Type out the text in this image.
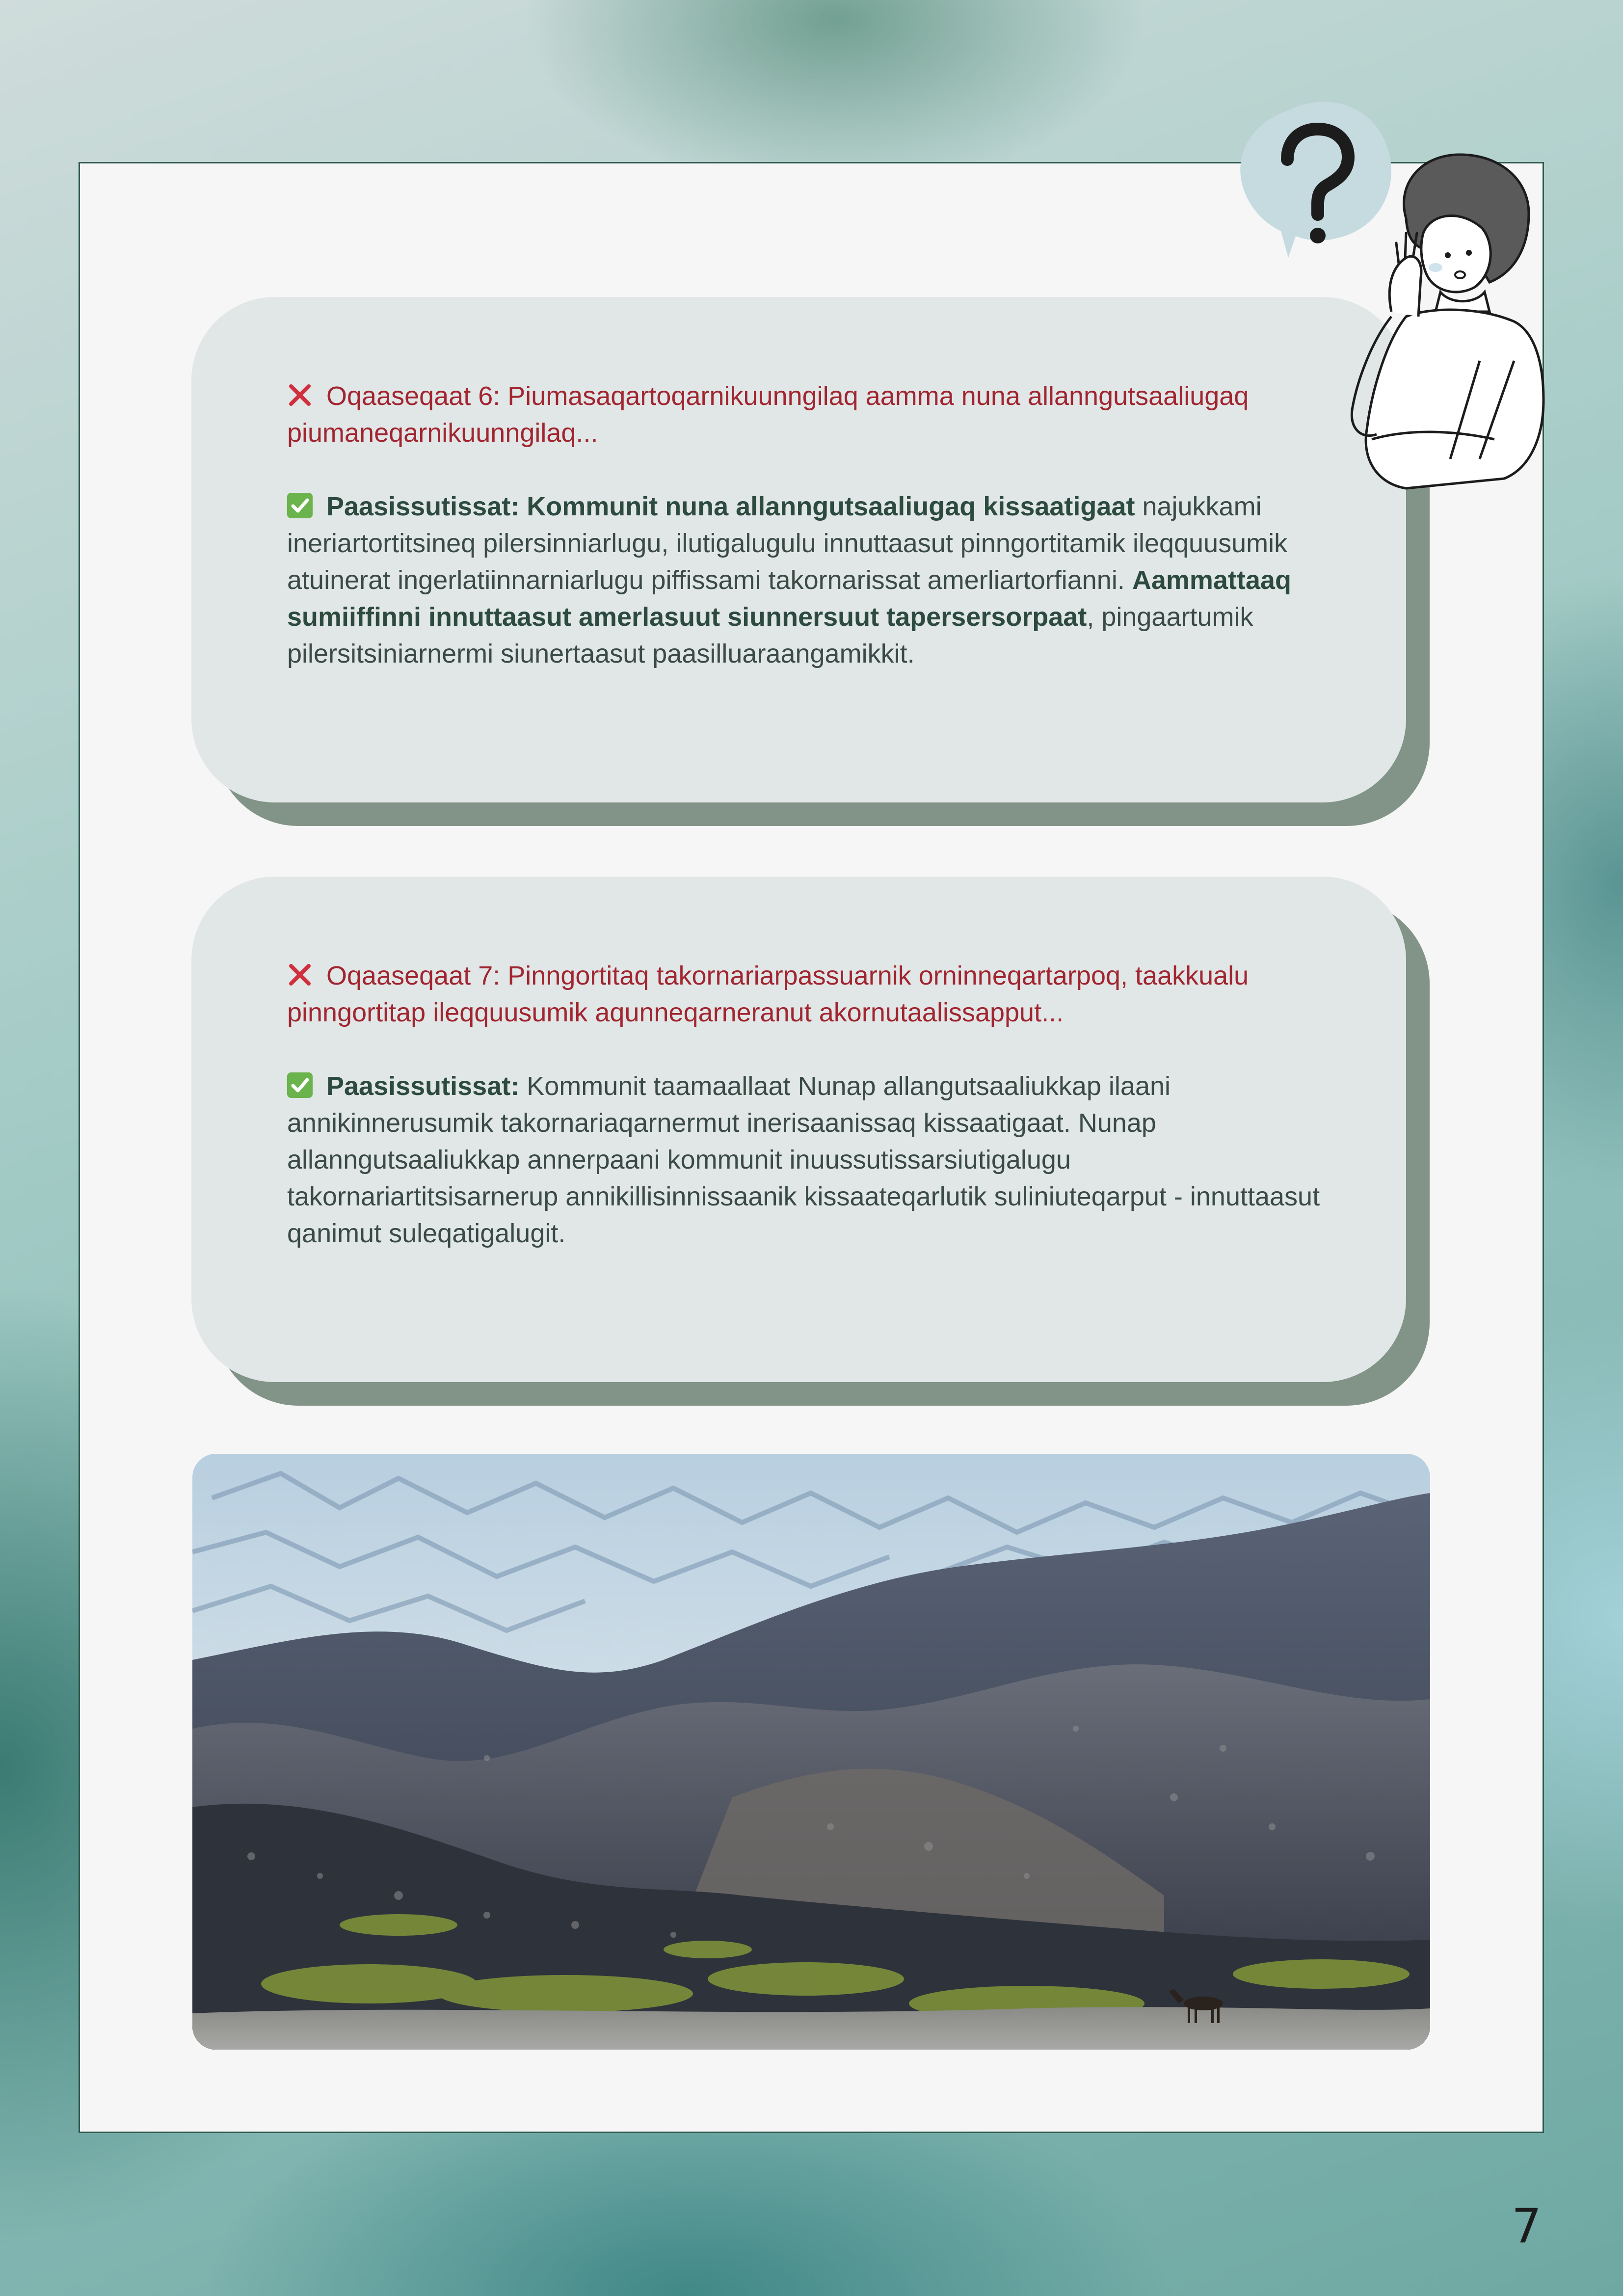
Oqaaseqaat 6: Piumasaqartoqarnikuunngilaq aamma nuna allanngutsaaliugaq piumaneqarnikuunngilaq...

Paasissutissat: Kommunit nuna allanngutsaaliugaq kissaatigaat najukkami ineriartortitsineq pilersinniarlugu, ilutigalugulu innuttaasut pinngortitamik ileqquusumik atuinerat ingerlatiinnarniarlugu piffissami takornarissat amerliartorfianni. Aammattaaq sumiiffinni innuttaasut amerlasuut siunnersuut tapersersorpaat, pingaartumik pilersitsiniarnermi siunertaasut paasilluaraangamikkit.

Oqaaseqaat 7: Pinngortitaq takornariarpassuarnik orninneqartarpoq, taakkualu pinngortitap ileqquusumik aqunneqarneranut akornutaalissapput...

Paasissutissat: Kommunit taamaallaat Nunap allangutsaaliukkap ilaani annikinnerusumik takornariaqarnermut inerisaanissaq kissaatigaat. Nunap allanngutsaaliukkap annerpaani kommunit inuussutissarsiutigalugu takornariartitsisarnerup annikillisinnissaanik kissaateqarlutik suliniuteqarput - innuttaasut qanimut suleqatigalugit.

7
